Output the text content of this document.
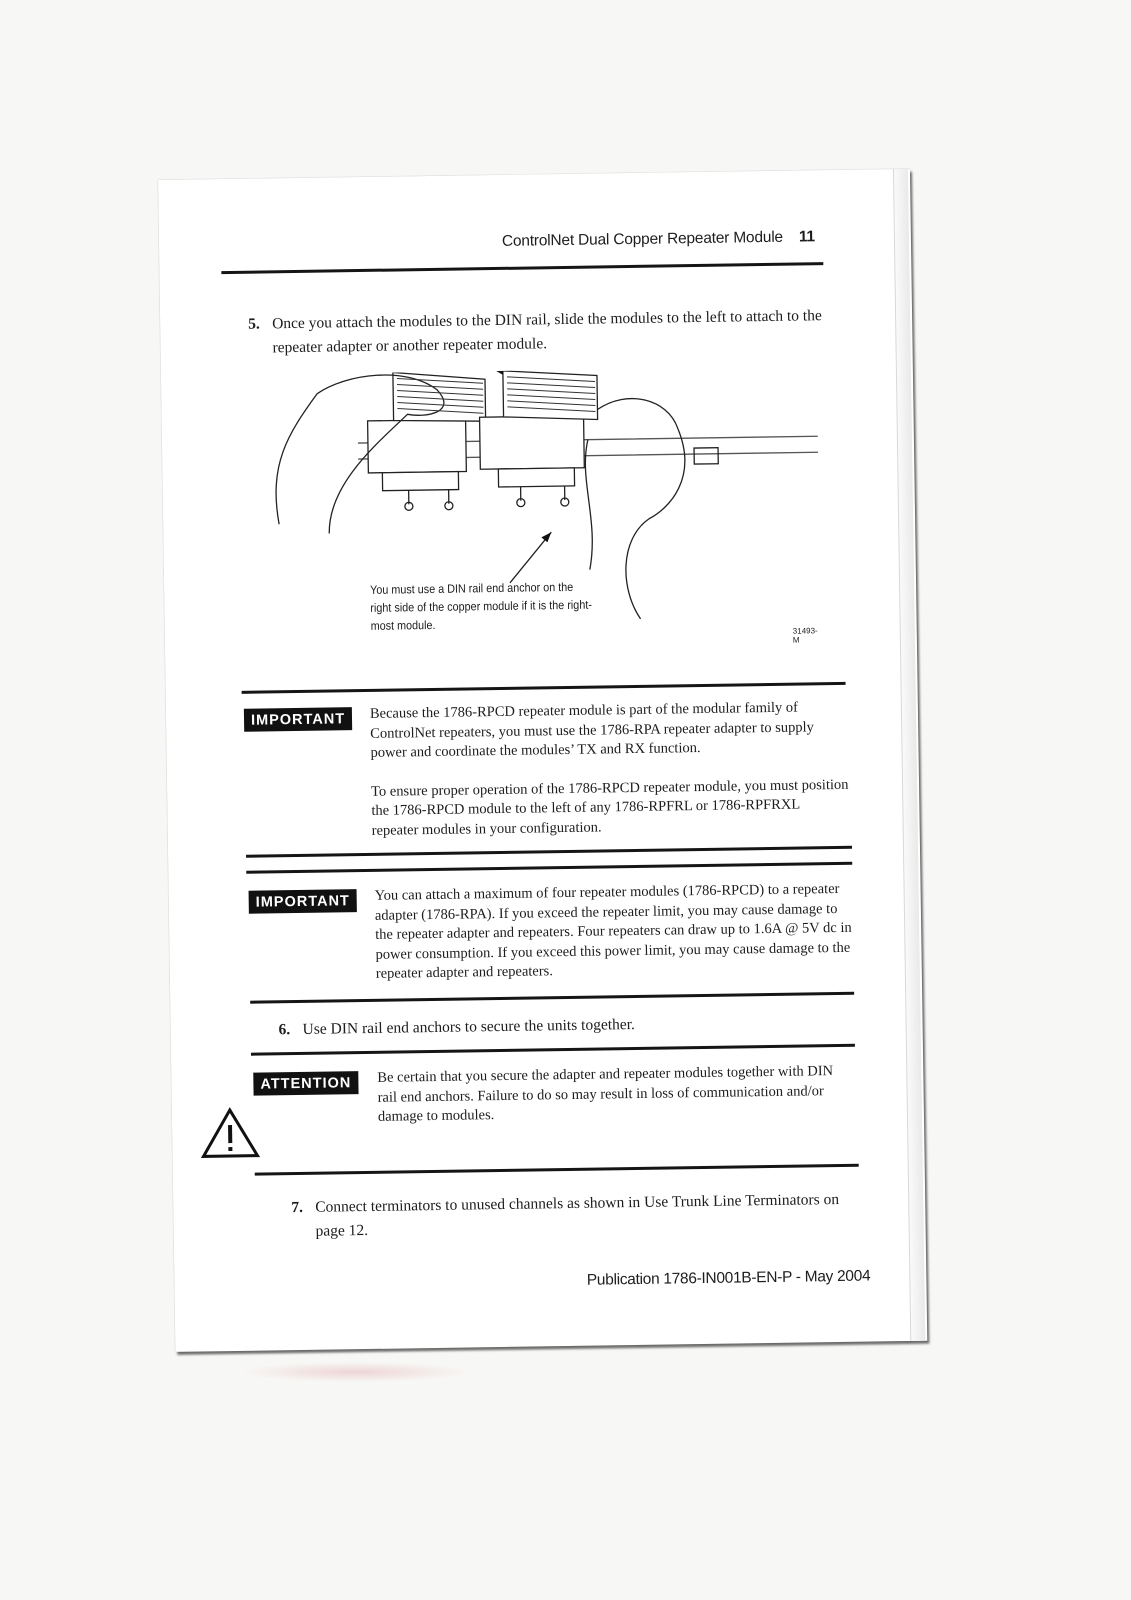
ControlNet Dual Copper Repeater Module 11
5. Once you attach the modules to the DIN rail, slide the modules to the left to attach to the repeater adapter or another repeater module.
You must use a DIN rail end anchor on the right side of the copper module if it is the right-most module.	31493-M
IMPORTANT	Because the 1786-RPCD repeater module is part of the modular family of ControlNet repeaters, you must use the 1786-RPA repeater adapter to supply power and coordinate the modules’ TX and RX function.

To ensure proper operation of the 1786-RPCD repeater module, you must position the 1786-RPCD module to the left of any 1786-RPFRL or 1786-RPFRXL repeater modules in your configuration.

IMPORTANT	You can attach a maximum of four repeater modules (1786-RPCD) to a repeater adapter (1786-RPA). If you exceed the repeater limit, you may cause damage to the repeater adapter and repeaters. Four repeaters can draw up to 1.6A @ 5V dc in power consumption. If you exceed this power limit, you may cause damage to the repeater adapter and repeaters.

6. Use DIN rail end anchors to secure the units together.
ATTENTION	Be certain that you secure the adapter and repeater modules together with DIN rail end anchors. Failure to do so may result in loss of communication and/or damage to modules.

7. Connect terminators to unused channels as shown in Use Trunk Line Terminators on page 12.
Publication 1786-IN001B-EN-P - May 2004
